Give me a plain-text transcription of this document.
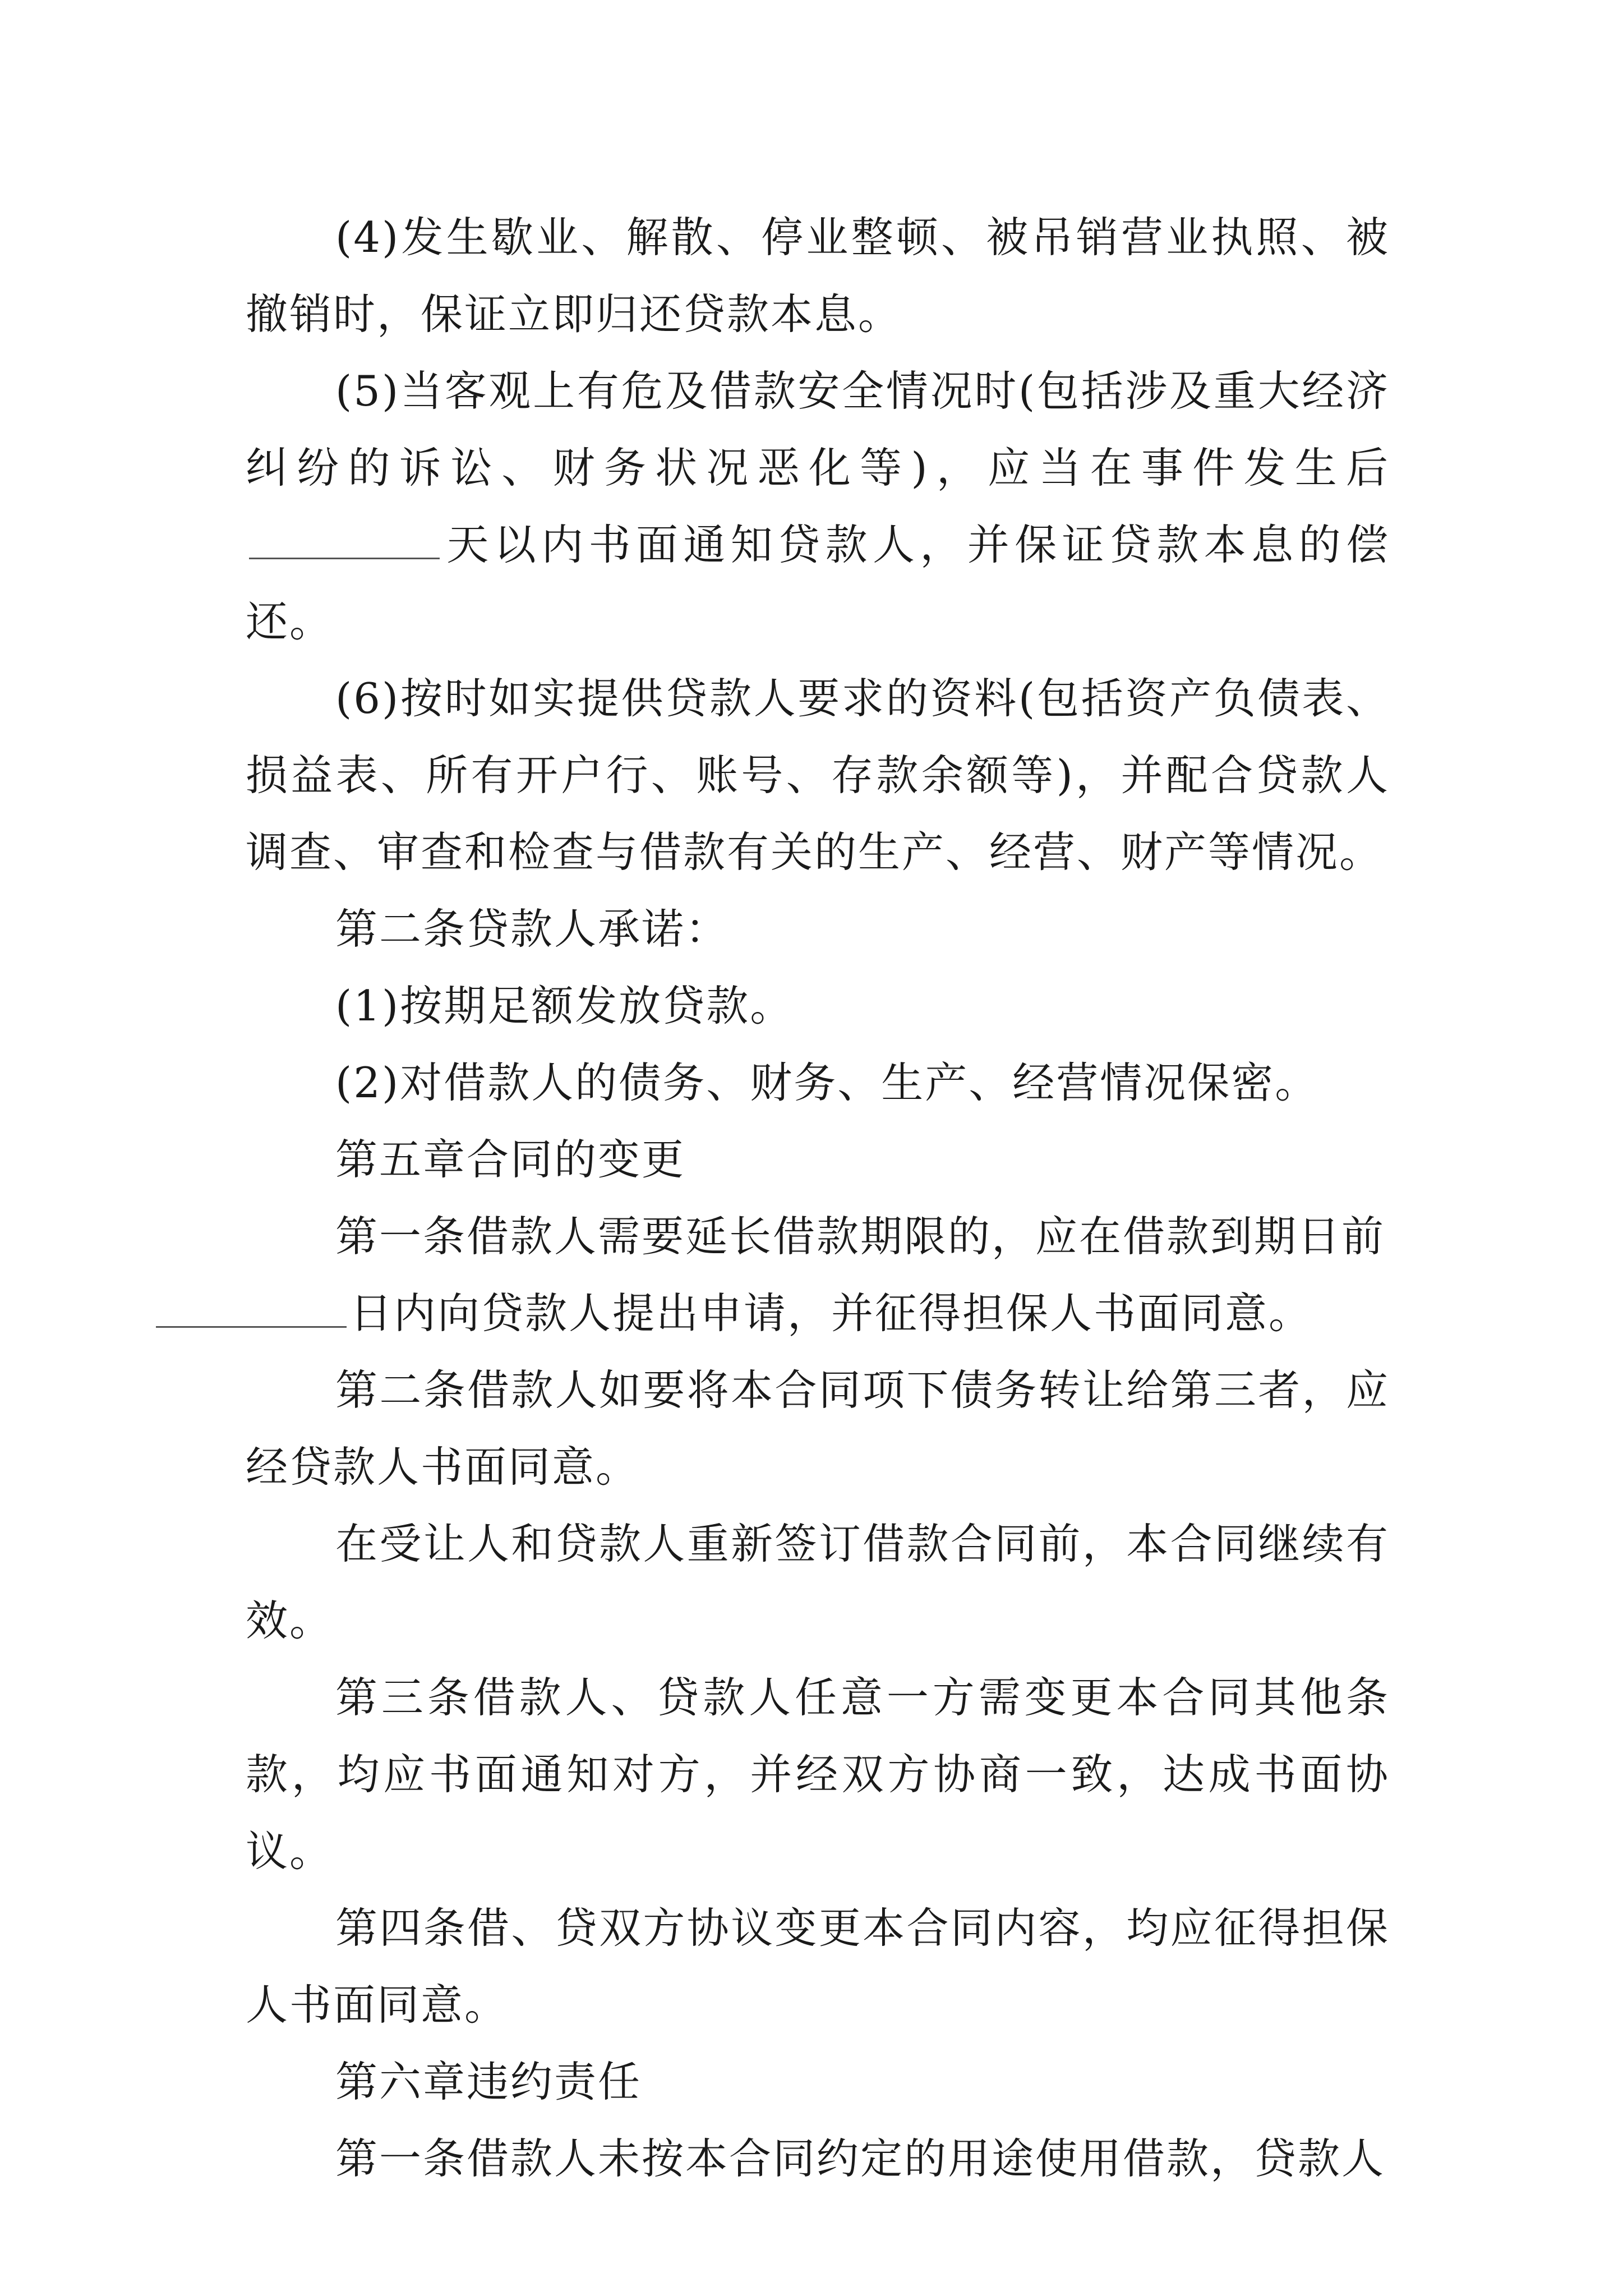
(4)发生歇业、解散、停业整顿、被吊销营业执照、被撤销时，保证立即归还贷款本息。

(5)当客观上有危及借款安全情况时(包括涉及重大经济纠纷的诉讼、财务状况恶化等)，应当在事件发生后天以内书面通知贷款人，并保证贷款本息的偿还。

(6)按时如实提供贷款人要求的资料(包括资产负债表、损益表、所有开户行、账号、存款余额等)，并配合贷款人调查、审查和检查与借款有关的生产、经营、财产等情况。

第二条贷款人承诺：

(1)按期足额发放贷款。

(2)对借款人的债务、财务、生产、经营情况保密。

第五章合同的变更

第一条借款人需要延长借款期限的，应在借款到期日前
日内向贷款人提出申请，并征得担保人书面同意。

第二条借款人如要将本合同项下债务转让给第三者，应经贷款人书面同意。

在受让人和贷款人重新签订借款合同前，本合同继续有效。

第三条借款人、贷款人任意一方需变更本合同其他条款，均应书面通知对方，并经双方协商一致，达成书面协议。

第四条借、贷双方协议变更本合同内容，均应征得担保人书面同意。

第六章违约责任

第一条借款人未按本合同约定的用途使用借款，贷款人
